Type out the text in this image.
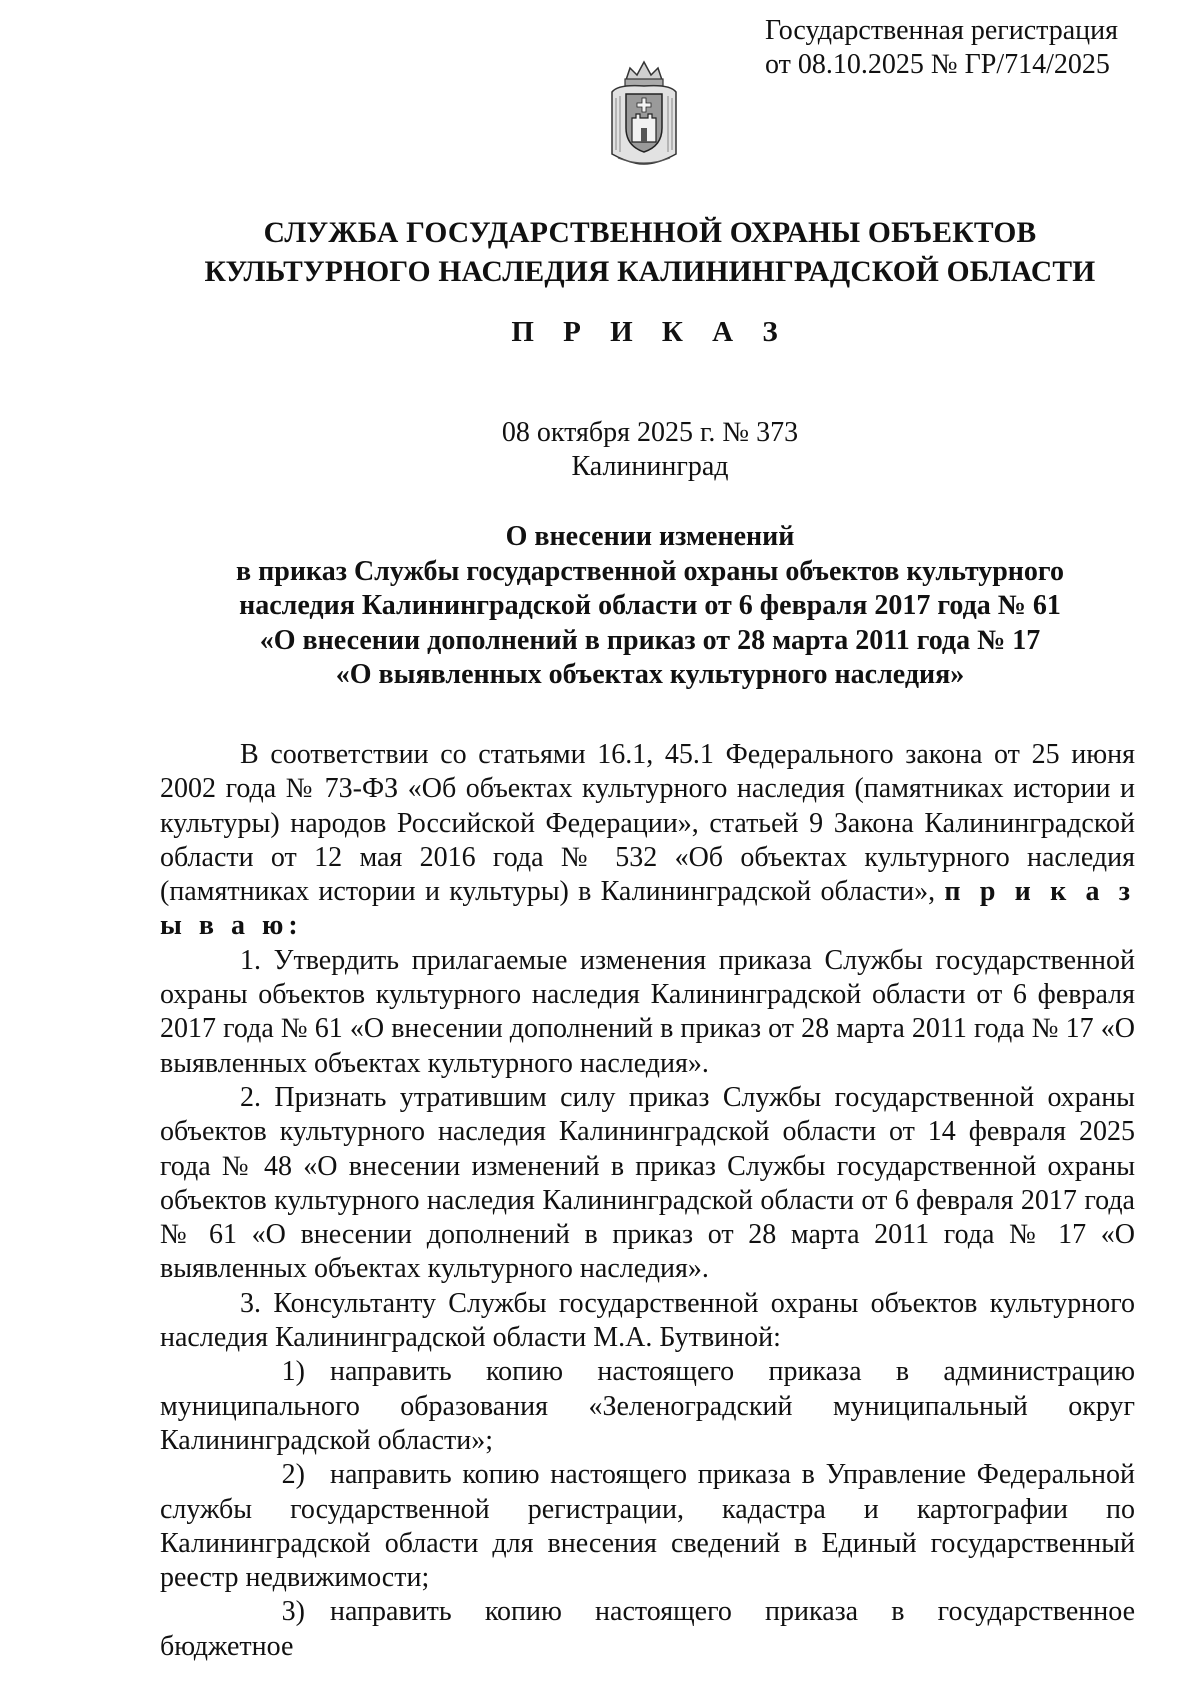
Государственная регистрация
от 08.10.2025 № ГР/714/2025
СЛУЖБА ГОСУДАРСТВЕННОЙ ОХРАНЫ ОБЪЕКТОВ
КУЛЬТУРНОГО НАСЛЕДИЯ КАЛИНИНГРАДСКОЙ ОБЛАСТИ
П Р И К А З
08 октября 2025 г. № 373
Калининград
О внесении изменений
в приказ Службы государственной охраны объектов культурного
наследия Калининградской области от 6 февраля 2017 года № 61
«О внесении дополнений в приказ от 28 марта 2011 года № 17
«О выявленных объектах культурного наследия»

В соответствии со статьями 16.1, 45.1 Федерального закона от 25 июня 2002 года № 73-ФЗ «Об объектах культурного наследия (памятниках истории и культуры) народов Российской Федерации», статьей 9 Закона Калининградской области от 12 мая 2016 года № 532 «Об объектах культурного наследия (памятниках истории и культуры) в Калининградской области», п р и к а з ы в а ю:

1. Утвердить прилагаемые изменения приказа Службы государственной охраны объектов культурного наследия Калининградской области от 6 февраля 2017 года № 61 «О внесении дополнений в приказ от 28 марта 2011 года № 17 «О выявленных объектах культурного наследия».

2. Признать утратившим силу приказ Службы государственной охраны объектов культурного наследия Калининградской области от 14 февраля 2025 года № 48 «О внесении изменений в приказ Службы государственной охраны объектов культурного наследия Калининградской области от 6 февраля 2017 года № 61 «О внесении дополнений в приказ от 28 марта 2011 года № 17 «О выявленных объектах культурного наследия».

3. Консультанту Службы государственной охраны объектов культурного наследия Калининградской области М.А. Бутвиной:

1) направить копию настоящего приказа в администрацию муниципального образования «Зеленоградский муниципальный округ Калининградской области»;

2) направить копию настоящего приказа в Управление Федеральной службы государственной регистрации, кадастра и картографии по Калининградской области для внесения сведений в Единый государственный реестр недвижимости;

3) направить копию настоящего приказа в государственное бюджетное
